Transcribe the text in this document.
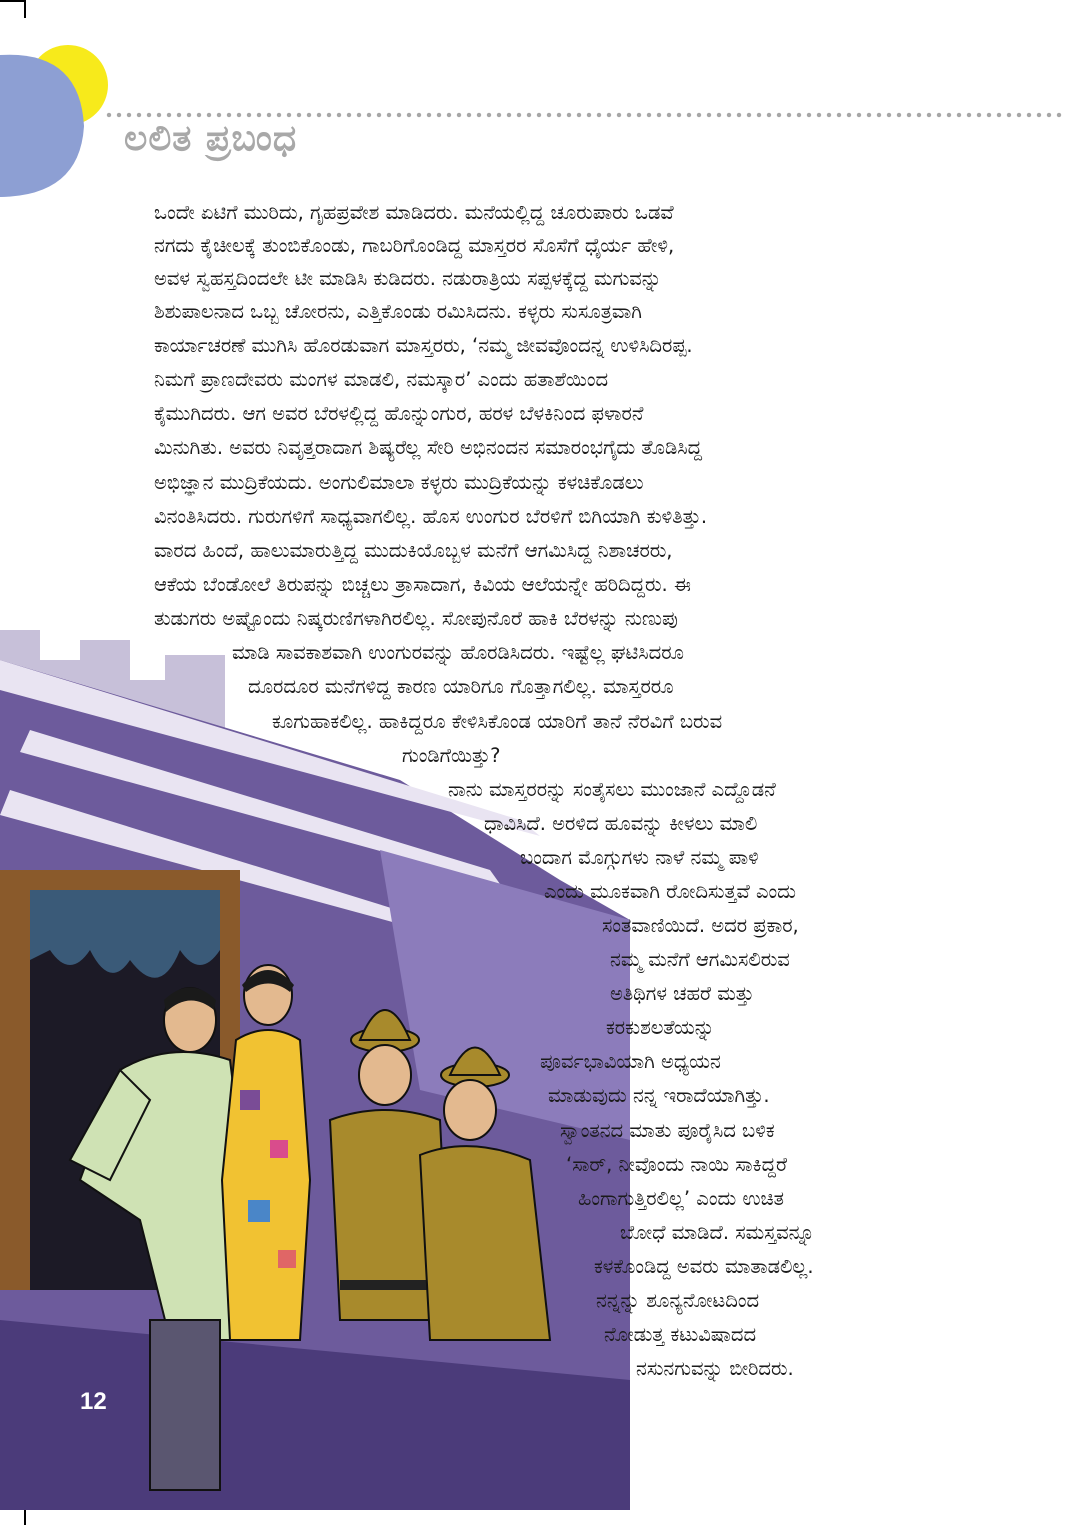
ಲಲಿತ ಪ್ರಬಂಧ
ಒಂದೇ ಏಟಿಗೆ ಮುರಿದು, ಗೃಹಪ್ರವೇಶ ಮಾಡಿದರು. ಮನೆಯಲ್ಲಿದ್ದ ಚೂರುಪಾರು ಒಡವೆ
ನಗದು ಕೈಚೀಲಕ್ಕೆ ತುಂಬಿಕೊಂಡು, ಗಾಬರಿಗೊಂಡಿದ್ದ ಮಾಸ್ತರರ ಸೊಸೆಗೆ ಧೈರ್ಯ ಹೇಳಿ,
ಅವಳ ಸ್ವಹಸ್ತದಿಂದಲೇ ಟೀ ಮಾಡಿಸಿ ಕುಡಿದರು. ನಡುರಾತ್ರಿಯ ಸಪ್ಪಳಕ್ಕೆದ್ದ ಮಗುವನ್ನು
ಶಿಶುಪಾಲನಾದ ಒಬ್ಬ ಚೋರನು, ಎತ್ತಿಕೊಂಡು ರಮಿಸಿದನು. ಕಳ್ಳರು ಸುಸೂತ್ರವಾಗಿ
ಕಾರ್ಯಾಚರಣೆ ಮುಗಿಸಿ ಹೊರಡುವಾಗ ಮಾಸ್ತರರು, ‘ನಮ್ಮ ಜೀವವೊಂದನ್ನ ಉಳಿಸಿದಿರಪ್ಪ.
ನಿಮಗೆ ಪ್ರಾಣದೇವರು ಮಂಗಳ ಮಾಡಲಿ, ನಮಸ್ಕಾರ’ ಎಂದು ಹತಾಶೆಯಿಂದ
ಕೈಮುಗಿದರು. ಆಗ ಅವರ ಬೆರಳಲ್ಲಿದ್ದ ಹೊನ್ನುಂಗುರ, ಹರಳ ಬೆಳಕಿನಿಂದ ಫಳಾರನೆ
ಮಿನುಗಿತು. ಅವರು ನಿವೃತ್ತರಾದಾಗ ಶಿಷ್ಯರೆಲ್ಲ ಸೇರಿ ಅಭಿನಂದನ ಸಮಾರಂಭಗೈದು ತೊಡಿಸಿದ್ದ
ಅಭಿಜ್ಞಾನ ಮುದ್ರಿಕೆಯದು. ಅಂಗುಲಿಮಾಲಾ ಕಳ್ಳರು ಮುದ್ರಿಕೆಯನ್ನು ಕಳಚಿಕೊಡಲು
ವಿನಂತಿಸಿದರು. ಗುರುಗಳಿಗೆ ಸಾಧ್ಯವಾಗಲಿಲ್ಲ. ಹೊಸ ಉಂಗುರ ಬೆರಳಿಗೆ ಬಿಗಿಯಾಗಿ ಕುಳಿತಿತ್ತು.
ವಾರದ ಹಿಂದೆ, ಹಾಲುಮಾರುತ್ತಿದ್ದ ಮುದುಕಿಯೊಬ್ಬಳ ಮನೆಗೆ ಆಗಮಿಸಿದ್ದ ನಿಶಾಚರರು,
ಆಕೆಯ ಬೆಂಡೋಲೆ ತಿರುಪನ್ನು ಬಿಚ್ಚಲು ತ್ರಾಸಾದಾಗ, ಕಿವಿಯ ಆಲೆಯನ್ನೇ ಹರಿದಿದ್ದರು. ಈ
ತುಡುಗರು ಅಷ್ಟೊಂದು ನಿಷ್ಕರುಣಿಗಳಾಗಿರಲಿಲ್ಲ. ಸೋಪುನೊರೆ ಹಾಕಿ ಬೆರಳನ್ನು ನುಣುಪು
ಮಾಡಿ ಸಾವಕಾಶವಾಗಿ ಉಂಗುರವನ್ನು ಹೊರಡಿಸಿದರು. ಇಷ್ಟೆಲ್ಲ ಘಟಿಸಿದರೂ
ದೂರದೂರ ಮನೆಗಳಿದ್ದ ಕಾರಣ ಯಾರಿಗೂ ಗೊತ್ತಾಗಲಿಲ್ಲ. ಮಾಸ್ತರರೂ
ಕೂಗುಹಾಕಲಿಲ್ಲ. ಹಾಕಿದ್ದರೂ ಕೇಳಿಸಿಕೊಂಡ ಯಾರಿಗೆ ತಾನೆ ನೆರವಿಗೆ ಬರುವ
ಗುಂಡಿಗೆಯಿತ್ತು?
ನಾನು ಮಾಸ್ತರರನ್ನು ಸಂತೈಸಲು ಮುಂಜಾನೆ ಎದ್ದೊಡನೆ
ಧಾವಿಸಿದೆ. ಅರಳಿದ ಹೂವನ್ನು ಕೀಳಲು ಮಾಲಿ
ಬಂದಾಗ ಮೊಗ್ಗುಗಳು ನಾಳೆ ನಮ್ಮ ಪಾಳಿ
ಎಂದು ಮೂಕವಾಗಿ ರೋದಿಸುತ್ತವೆ ಎಂದು
ಸಂತವಾಣಿಯಿದೆ. ಅದರ ಪ್ರಕಾರ,
ನಮ್ಮ ಮನೆಗೆ ಆಗಮಿಸಲಿರುವ
ಅತಿಥಿಗಳ ಚಹರೆ ಮತ್ತು
ಕರಕುಶಲತೆಯನ್ನು
ಪೂರ್ವಭಾವಿಯಾಗಿ ಅಧ್ಯಯನ
ಮಾಡುವುದು ನನ್ನ ಇರಾದೆಯಾಗಿತ್ತು.
ಸ್ವಾಂತನದ ಮಾತು ಪೂರೈಸಿದ ಬಳಿಕ
‘ಸಾರ್, ನೀವೊಂದು ನಾಯಿ ಸಾಕಿದ್ದರೆ
ಹಿಂಗಾಗುತ್ತಿರಲಿಲ್ಲ’ ಎಂದು ಉಚಿತ
ಬೋಧೆ ಮಾಡಿದೆ. ಸಮಸ್ತವನ್ನೂ
ಕಳಕೊಂಡಿದ್ದ ಅವರು ಮಾತಾಡಲಿಲ್ಲ.
ನನ್ನನ್ನು ಶೂನ್ಯನೋಟದಿಂದ
ನೋಡುತ್ತ ಕಟುವಿಷಾದದ
ನಸುನಗುವನ್ನು ಬೀರಿದರು.
12
